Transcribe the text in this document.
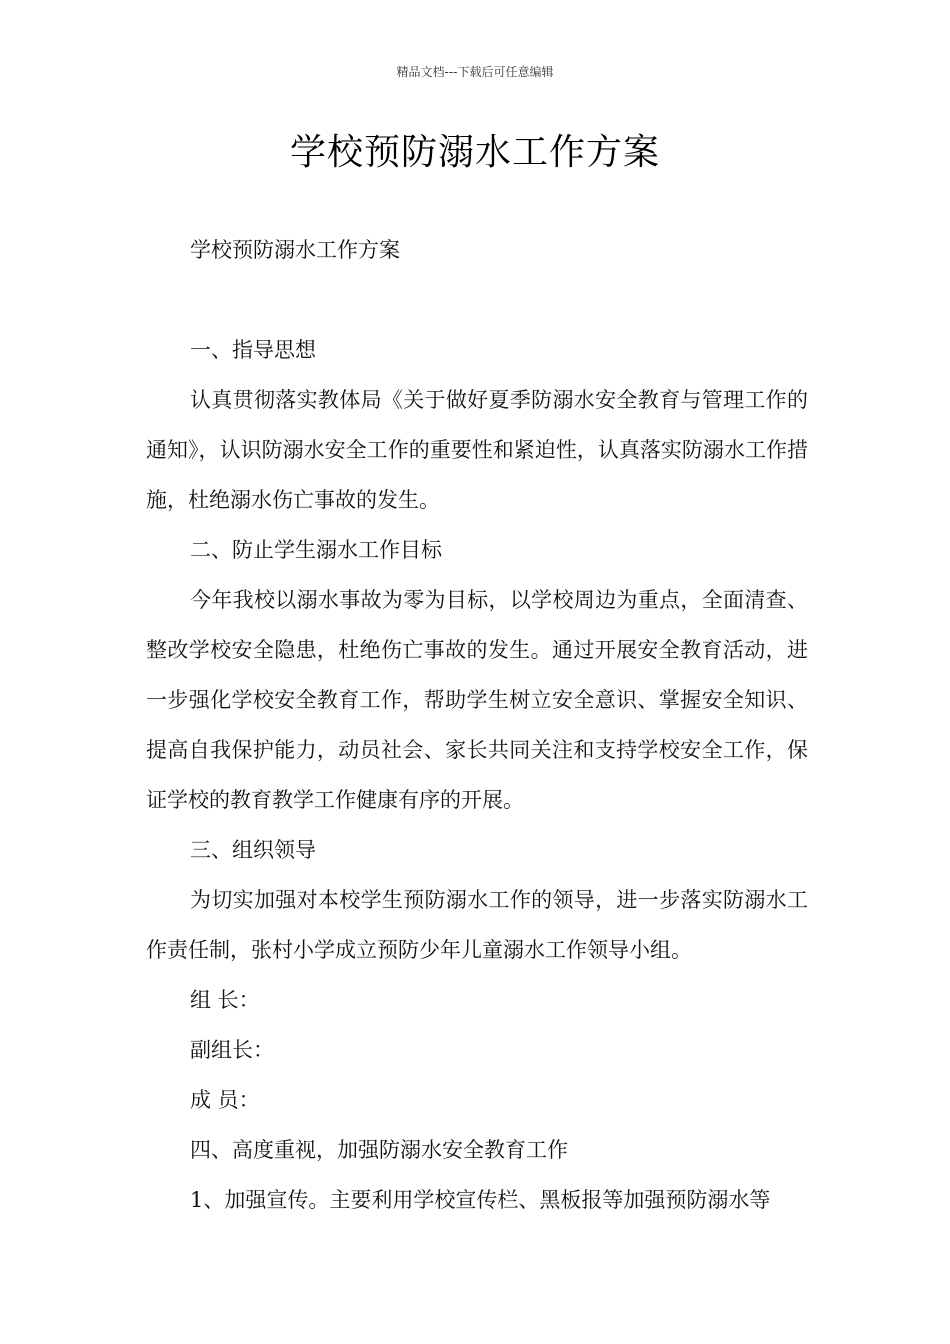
精品文档---下载后可任意编辑
学校预防溺水工作方案

学校预防溺水工作方案

一、指导思想

认真贯彻落实教体局《关于做好夏季防溺水安全教育与管理工作的通知》，认识防溺水安全工作的重要性和紧迫性，认真落实防溺水工作措施，杜绝溺水伤亡事故的发生。

二、防止学生溺水工作目标

今年我校以溺水事故为零为目标，以学校周边为重点，全面清查、整改学校安全隐患，杜绝伤亡事故的发生。通过开展安全教育活动，进一步强化学校安全教育工作，帮助学生树立安全意识、掌握安全知识、提高自我保护能力，动员社会、家长共同关注和支持学校安全工作，保证学校的教育教学工作健康有序的开展。

三、组织领导

为切实加强对本校学生预防溺水工作的领导，进一步落实防溺水工作责任制，张村小学成立预防少年儿童溺水工作领导小组。

组 长：

副组长：

成 员：

四、高度重视，加强防溺水安全教育工作

1、加强宣传。主要利用学校宣传栏、黑板报等加强预防溺水等
